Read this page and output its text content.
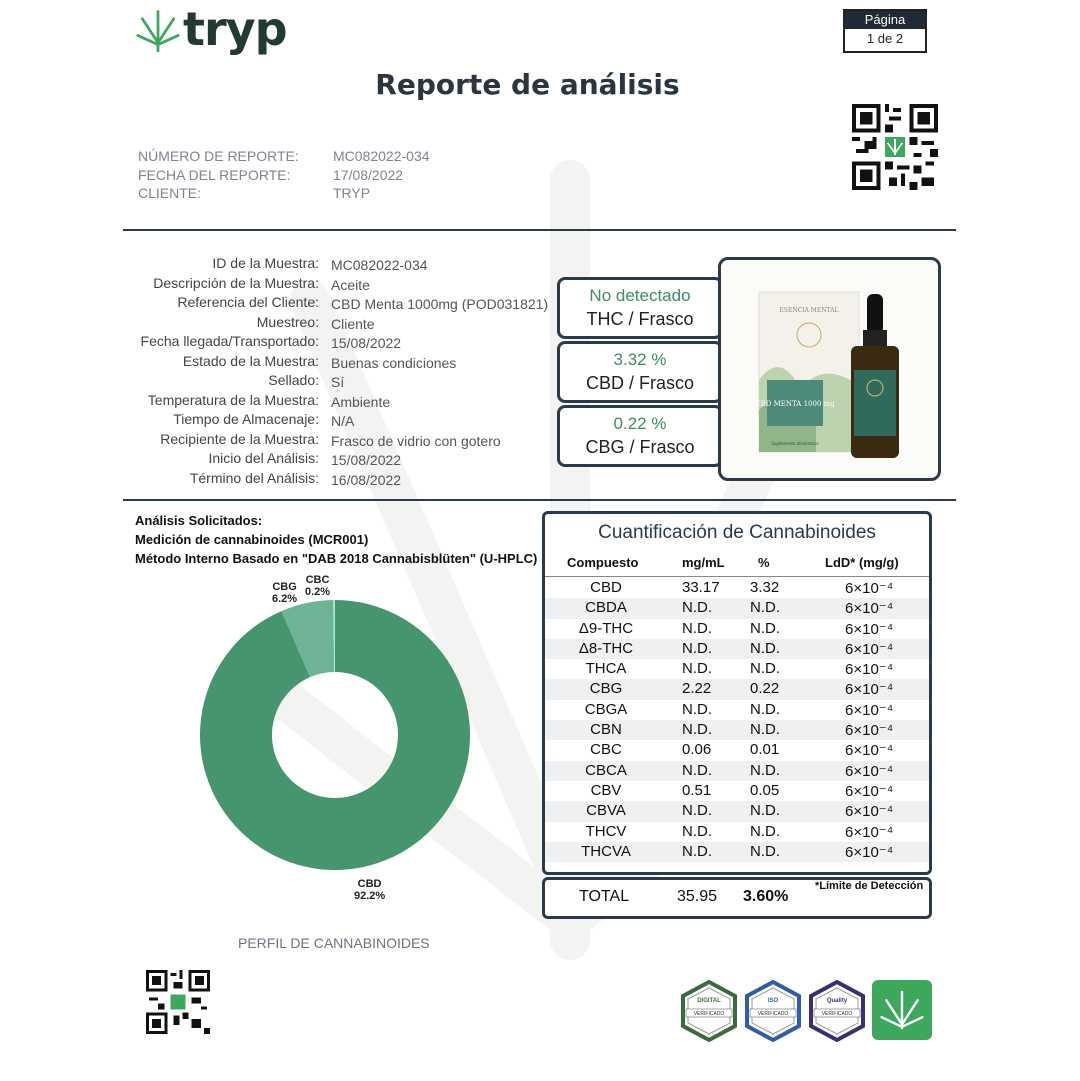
tryp	Página
1 de 2
Reporte de análisis
NÚMERO DE REPORTE: MC082022-034
FECHA DEL REPORTE:	17/08/2022
CLIENTE:	TRYP
ID de la Muestra: MC082022-034
Descripción de la Muestra: Aceite
Referencia del Cliente: CBD Menta 1000mg (POD031821)
Muestreo: Cliente
Fecha llegada/Transportado: 15/08/2022
Estado de la Muestra: Buenas condiciones
Sellado: Sí
Temperatura de la Muestra: Ambiente
Tiempo de Almacenaje: N/A
Recipiente de la Muestra: Frasco de vidrio con gotero
Inicio del Análisis: 15/08/2022
Término del Análisis: 16/08/2022
No detectado
THC / Frasco
3.32 %
CBD / Frasco
0.22 %
CBG / Frasco
ESENCIA MENTAL
CBD MENTA 1000 mg
Suplemento alimenticio
Análisis Solicitados:
Medición de cannabinoides (MCR001)
Método Interno Basado en "DAB 2018 Cannabisblüten" (U-HPLC)
CBG
6.2%
CBC
0.2%
CBD
92.2%
PERFIL DE CANNABINOIDES
Cuantificación de Cannabinoides
Compuesto	mg/mL	%	LdD* (mg/g)
CBD	33.17 3.32	6×10⁻⁴
CBDA	N.D.	N.D.	6×10⁻⁴
Δ9-THC	N.D.	N.D.	6×10⁻⁴
Δ8-THC	N.D.	N.D.	6×10⁻⁴
THCA	N.D.	N.D.	6×10⁻⁴
CBG	2.22	0.22	6×10⁻⁴
CBGA	N.D.	N.D.	6×10⁻⁴
CBN	N.D.	N.D.	6×10⁻⁴
CBC	0.06	0.01	6×10⁻⁴
CBCA	N.D.	N.D.	6×10⁻⁴
CBV	0.51	0.05	6×10⁻⁴
CBVA	N.D.	N.D.	6×10⁻⁴
THCV	N.D.	N.D.	6×10⁻⁴
THCVA	N.D.	N.D.	6×10⁻⁴
TOTAL	35.95 3.60%
*Límite de Detección
DIGITAL
VERIFICADO
ISO
VERIFICADO
Quality
VERIFICADO
